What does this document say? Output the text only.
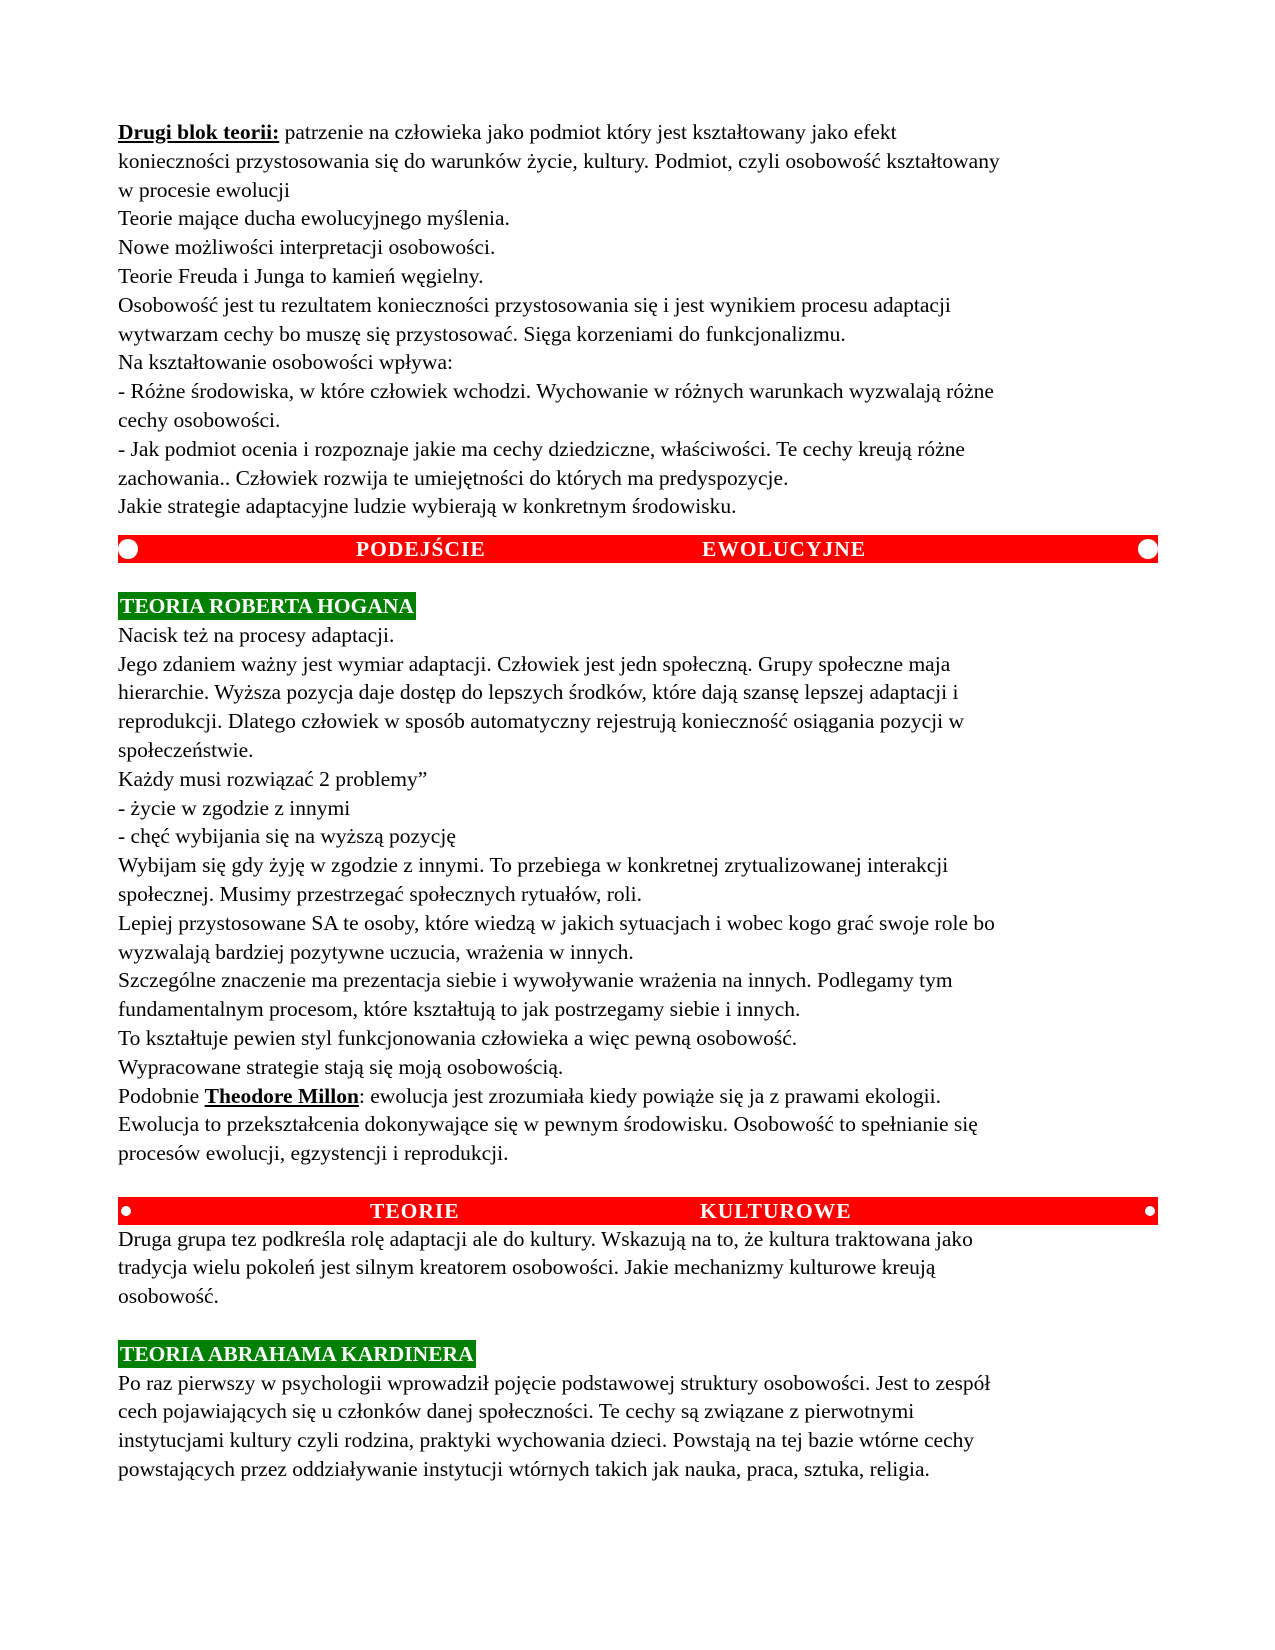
Drugi blok teorii: patrzenie na człowieka jako podmiot który jest kształtowany jako efekt
konieczności przystosowania się do warunków życie, kultury. Podmiot, czyli osobowość kształtowany
w procesie ewolucji
Teorie mające ducha ewolucyjnego myślenia.
Nowe możliwości interpretacji osobowości.
Teorie Freuda i Junga to kamień węgielny.
Osobowość jest tu rezultatem konieczności przystosowania się i jest wynikiem procesu adaptacji
wytwarzam cechy bo muszę się przystosować. Sięga korzeniami do funkcjonalizmu.
Na kształtowanie osobowości wpływa:
- Różne środowiska, w które człowiek wchodzi. Wychowanie w różnych warunkach wyzwalają różne
cechy osobowości.
- Jak podmiot ocenia i rozpoznaje jakie ma cechy dziedziczne, właściwości. Te cechy kreują różne
zachowania.. Człowiek rozwija te umiejętności do których ma predyspozycje.
Jakie strategie adaptacyjne ludzie wybierają w konkretnym środowisku.
PODEJŚCIE	EWOLUCYJNE
TEORIA ROBERTA HOGANA
Nacisk też na procesy adaptacji.
Jego zdaniem ważny jest wymiar adaptacji. Człowiek jest jedn społeczną. Grupy społeczne maja
hierarchie. Wyższa pozycja daje dostęp do lepszych środków, które dają szansę lepszej adaptacji i
reprodukcji. Dlatego człowiek w sposób automatyczny rejestrują konieczność osiągania pozycji w
społeczeństwie.
Każdy musi rozwiązać 2 problemy”
- życie w zgodzie z innymi
- chęć wybijania się na wyższą pozycję
Wybijam się gdy żyję w zgodzie z innymi. To przebiega w konkretnej zrytualizowanej interakcji
społecznej. Musimy przestrzegać społecznych rytuałów, roli.
Lepiej przystosowane SA te osoby, które wiedzą w jakich sytuacjach i wobec kogo grać swoje role bo
wyzwalają bardziej pozytywne uczucia, wrażenia w innych.
Szczególne znaczenie ma prezentacja siebie i wywoływanie wrażenia na innych. Podlegamy tym
fundamentalnym procesom, które kształtują to jak postrzegamy siebie i innych.
To kształtuje pewien styl funkcjonowania człowieka a więc pewną osobowość.
Wypracowane strategie stają się moją osobowością.
Podobnie Theodore Millon: ewolucja jest zrozumiała kiedy powiąże się ja z prawami ekologii.
Ewolucja to przekształcenia dokonywające się w pewnym środowisku. Osobowość to spełnianie się
procesów ewolucji, egzystencji i reprodukcji.
TEORIE	KULTUROWE
Druga grupa tez podkreśla rolę adaptacji ale do kultury. Wskazują na to, że kultura traktowana jako
tradycja wielu pokoleń jest silnym kreatorem osobowości. Jakie mechanizmy kulturowe kreują
osobowość.
TEORIA ABRAHAMA KARDINERA
Po raz pierwszy w psychologii wprowadził pojęcie podstawowej struktury osobowości. Jest to zespół
cech pojawiających się u członków danej społeczności. Te cechy są związane z pierwotnymi
instytucjami kultury czyli rodzina, praktyki wychowania dzieci. Powstają na tej bazie wtórne cechy
powstających przez oddziaływanie instytucji wtórnych takich jak nauka, praca, sztuka, religia.
